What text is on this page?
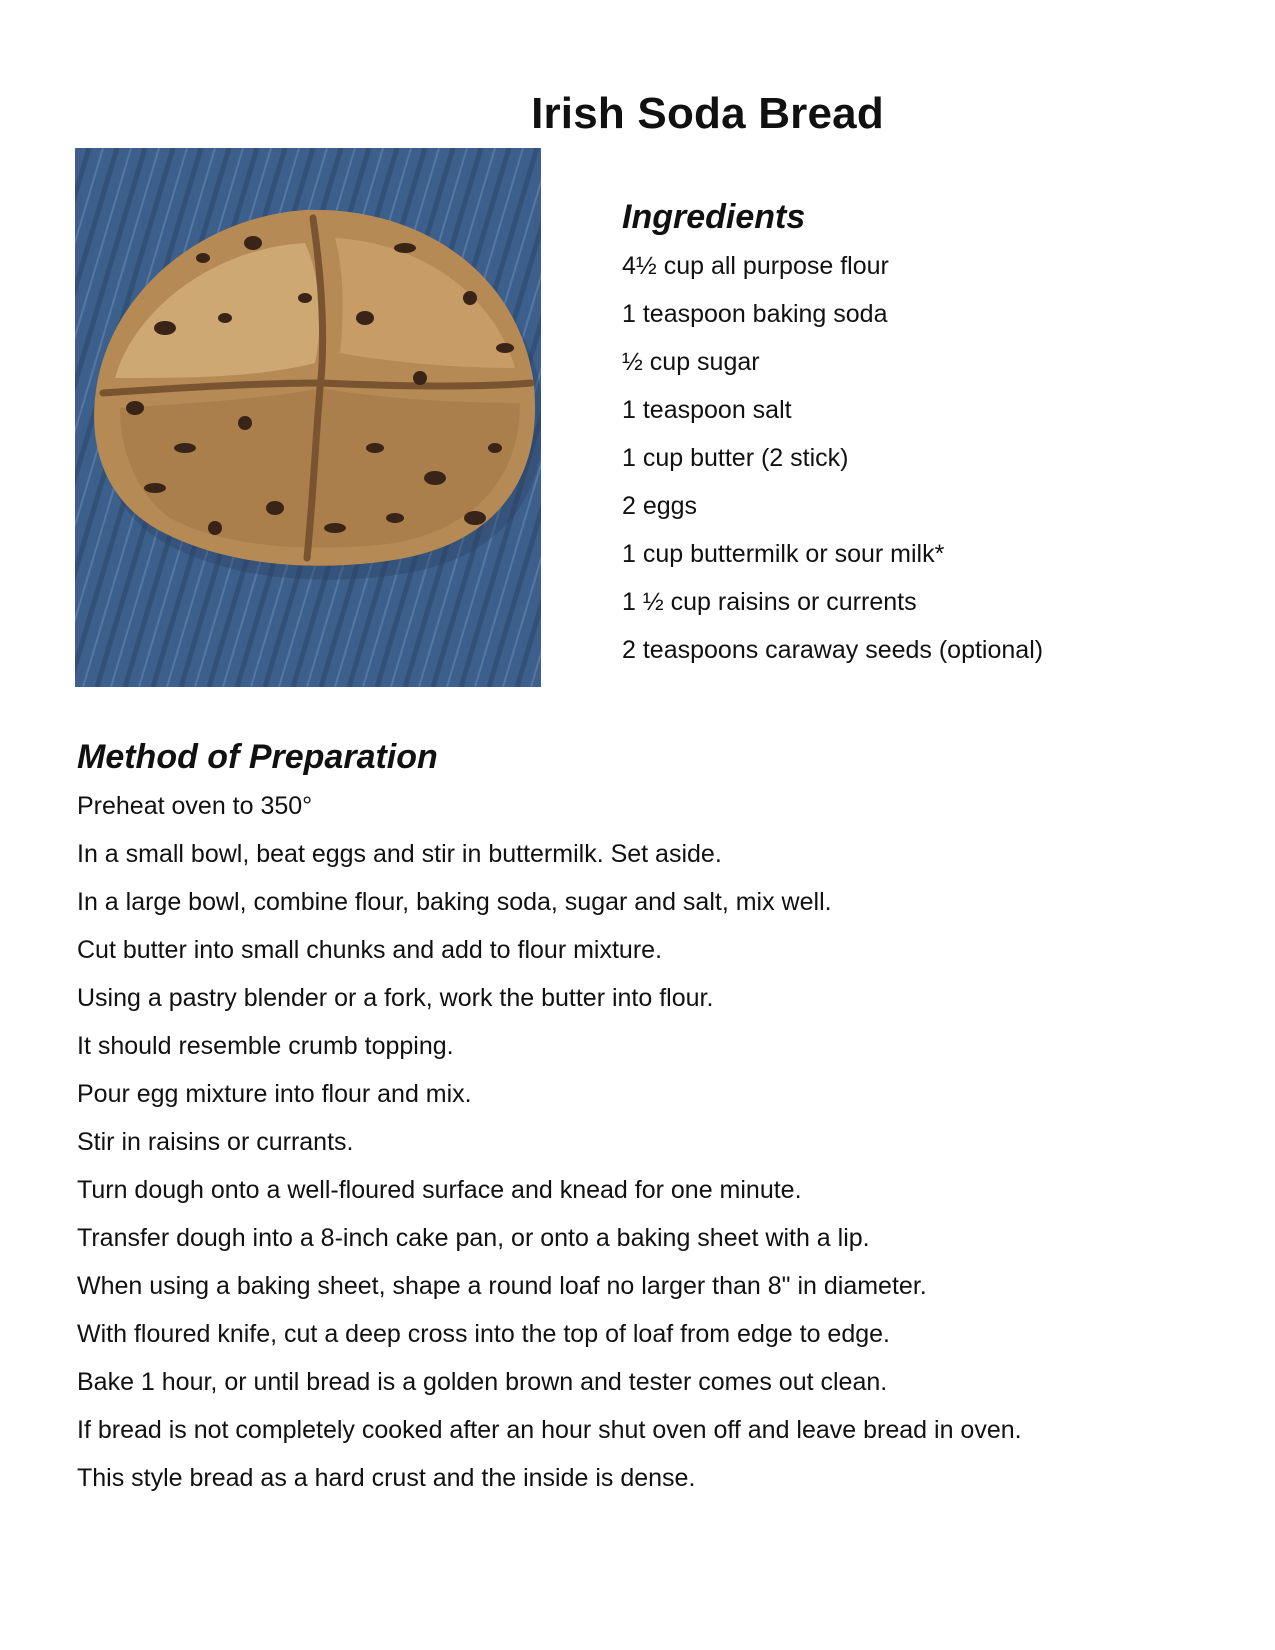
Irish Soda Bread
Ingredients
4½ cup all purpose flour
1 teaspoon baking soda
½ cup sugar
1 teaspoon salt
1 cup butter (2 stick)
2 eggs
1 cup buttermilk or sour milk*
1 ½ cup raisins or currents
2 teaspoons caraway seeds (optional)
Method of Preparation
Preheat oven to 350°
In a small bowl, beat eggs and stir in buttermilk. Set aside.
In a large bowl, combine flour, baking soda, sugar and salt, mix well.
Cut butter into small chunks and add to flour mixture.
Using a pastry blender or a fork, work the butter into flour.
It should resemble crumb topping.
Pour egg mixture into flour and mix.
Stir in raisins or currants.
Turn dough onto a well-floured surface and knead for one minute.
Transfer dough into a 8-inch cake pan, or onto a baking sheet with a lip.
When using a baking sheet, shape a round loaf no larger than 8" in diameter.
With floured knife, cut a deep cross into the top of loaf from edge to edge.
Bake 1 hour, or until bread is a golden brown and tester comes out clean.
If bread is not completely cooked after an hour shut oven off and leave bread in oven.
This style bread as a hard crust and the inside is dense.
